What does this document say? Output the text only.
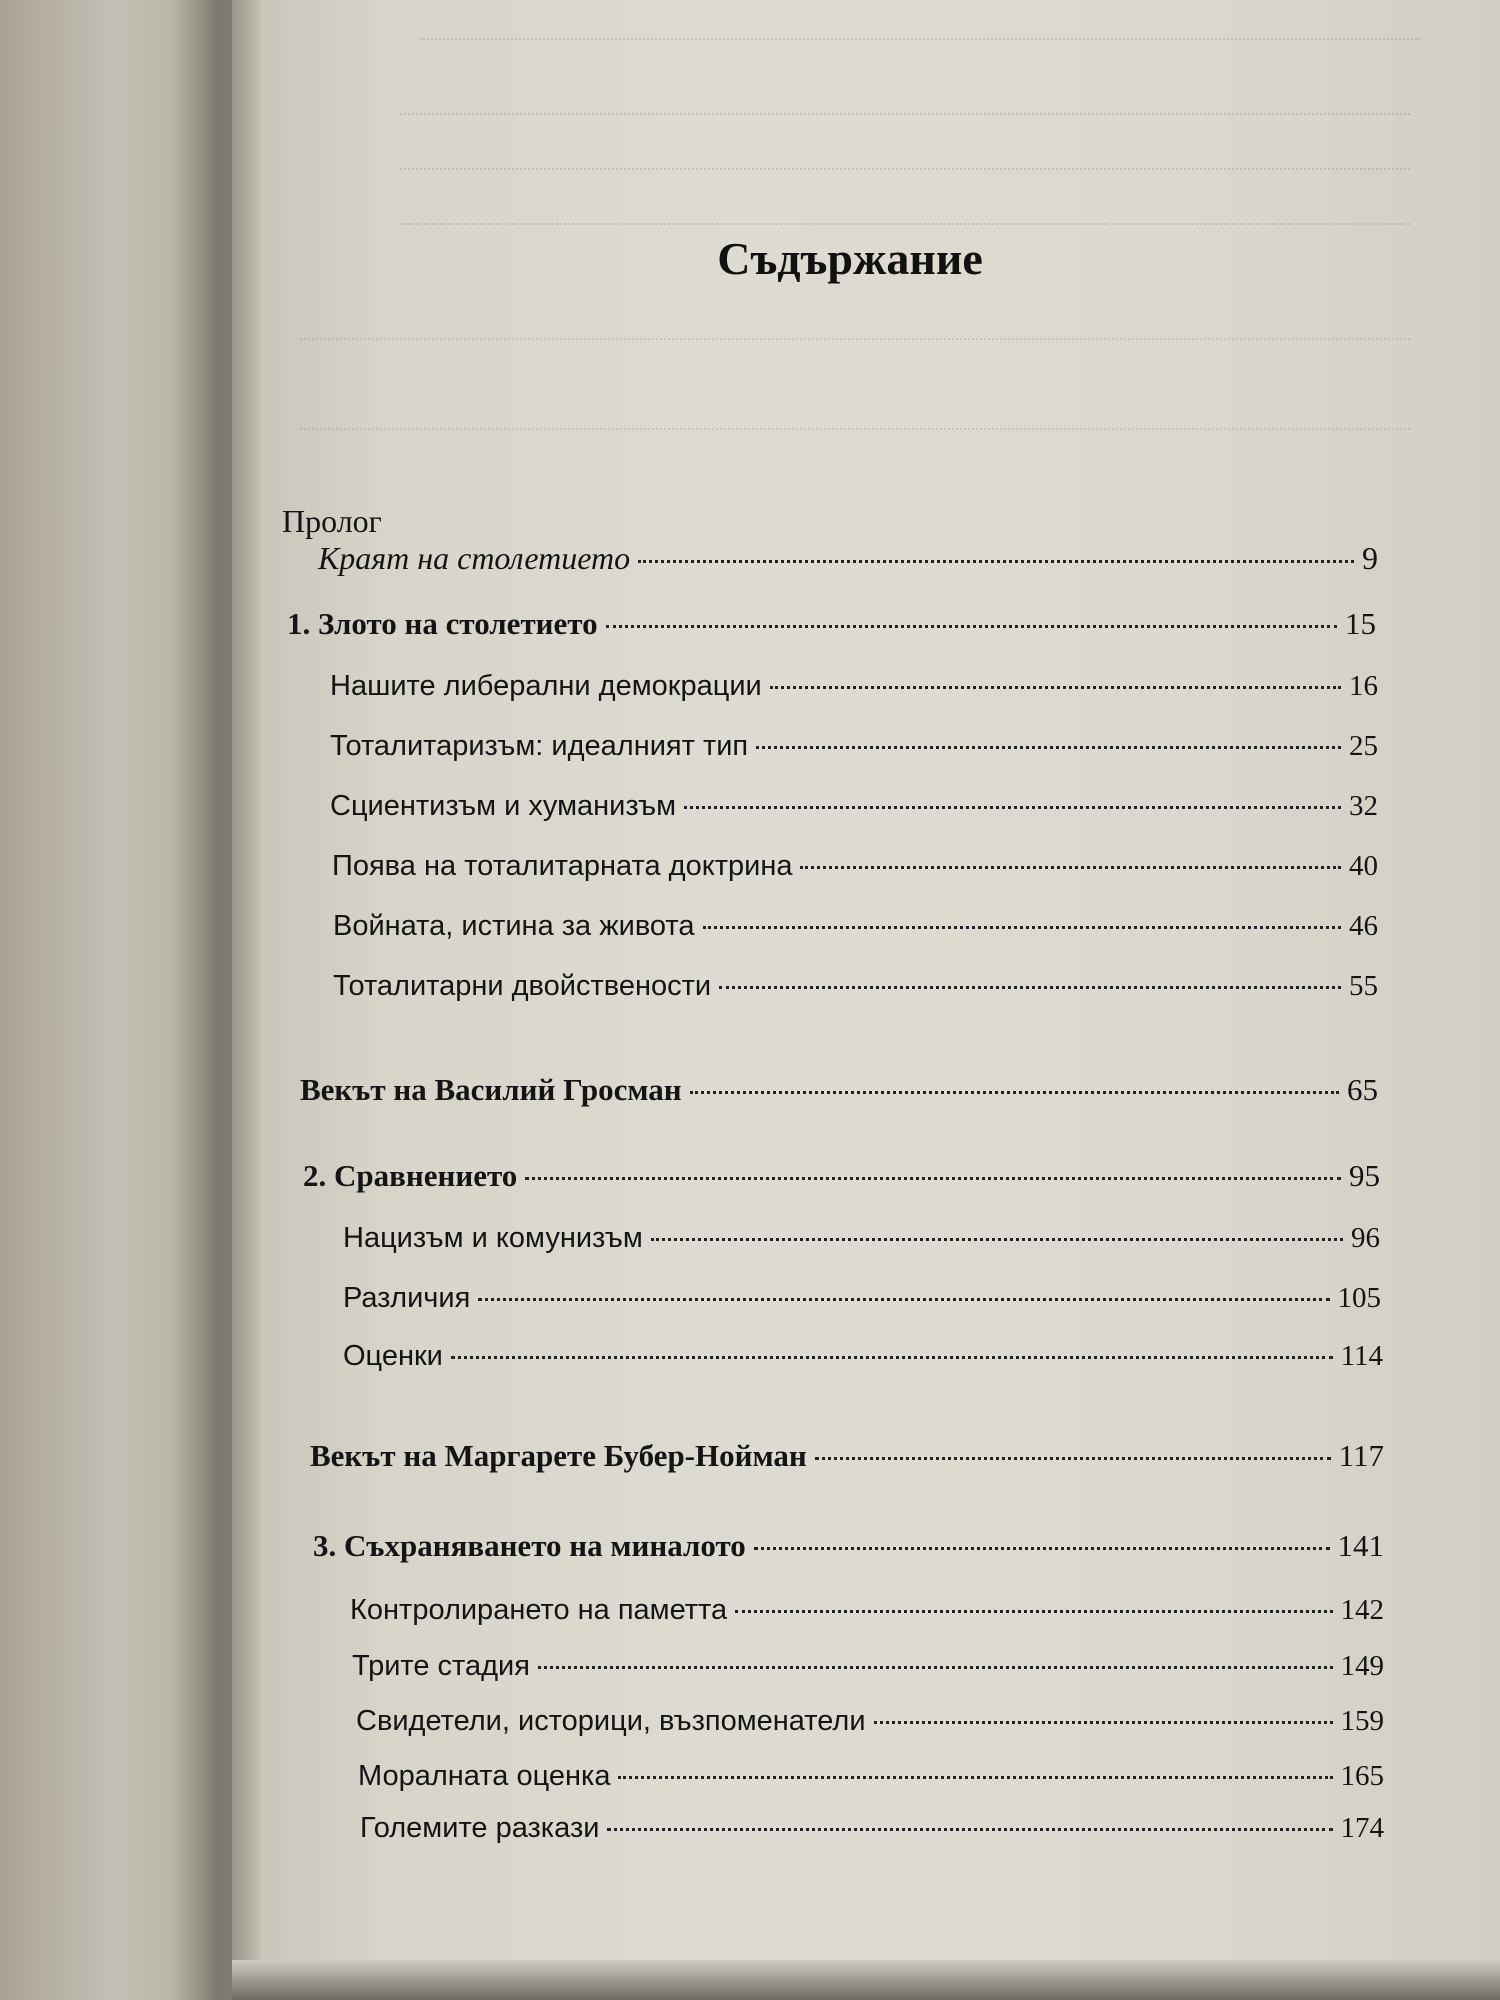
Съдържание
Пролог
Краят на столетието	9
1. Злото на столетието	15
Нашите либерални демокрации	16
Тоталитаризъм: идеалният тип	25
Сциентизъм и хуманизъм	32
Поява на тоталитарната доктрина	40
Войната, истина за живота	46
Тоталитарни двойствености	55
Векът на Василий Гросман	65
2. Сравнението	95
Нацизъм и комунизъм	96
Различия	105
Оценки	114
Векът на Маргарете Бубер-Нойман	117
3. Съхраняването на миналото	141
Контролирането на паметта	142
Трите стадия	149
Свидетели, историци, възпоменатели	159
Моралната оценка	165
Големите разкази	174
